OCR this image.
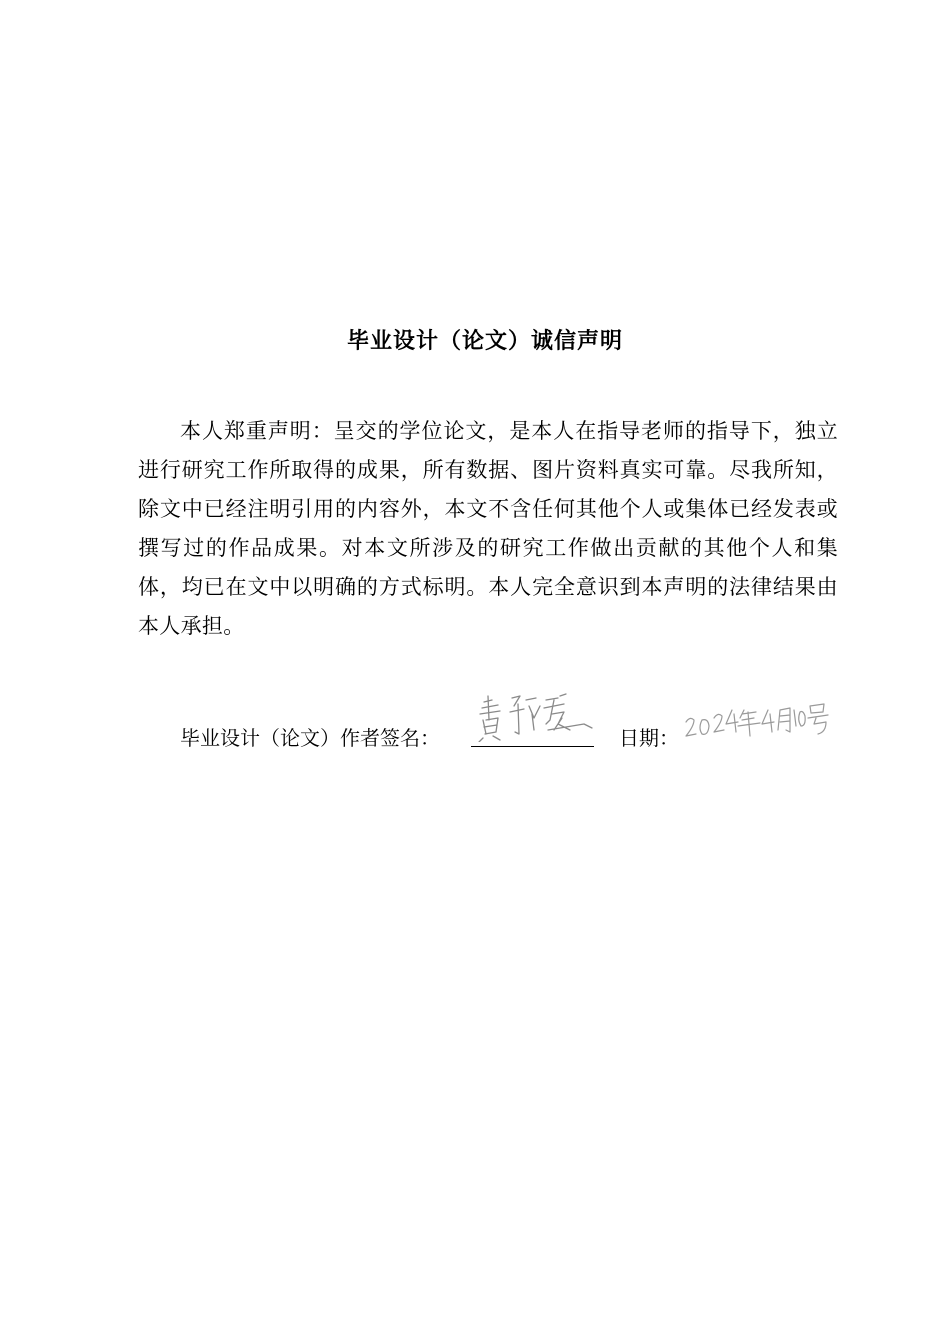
毕业设计（论文）诚信声明
本人郑重声明：呈交的学位论文，是本人在指导老师的指导下，独立进行研究工作所取得的成果，所有数据、图片资料真实可靠。尽我所知，除文中已经注明引用的内容外，本文不含任何其他个人或集体已经发表或撰写过的作品成果。对本文所涉及的研究工作做出贡献的其他个人和集体，均已在文中以明确的方式标明。本人完全意识到本声明的法律结果由本人承担。
毕业设计（论文）作者签名：	日期：
